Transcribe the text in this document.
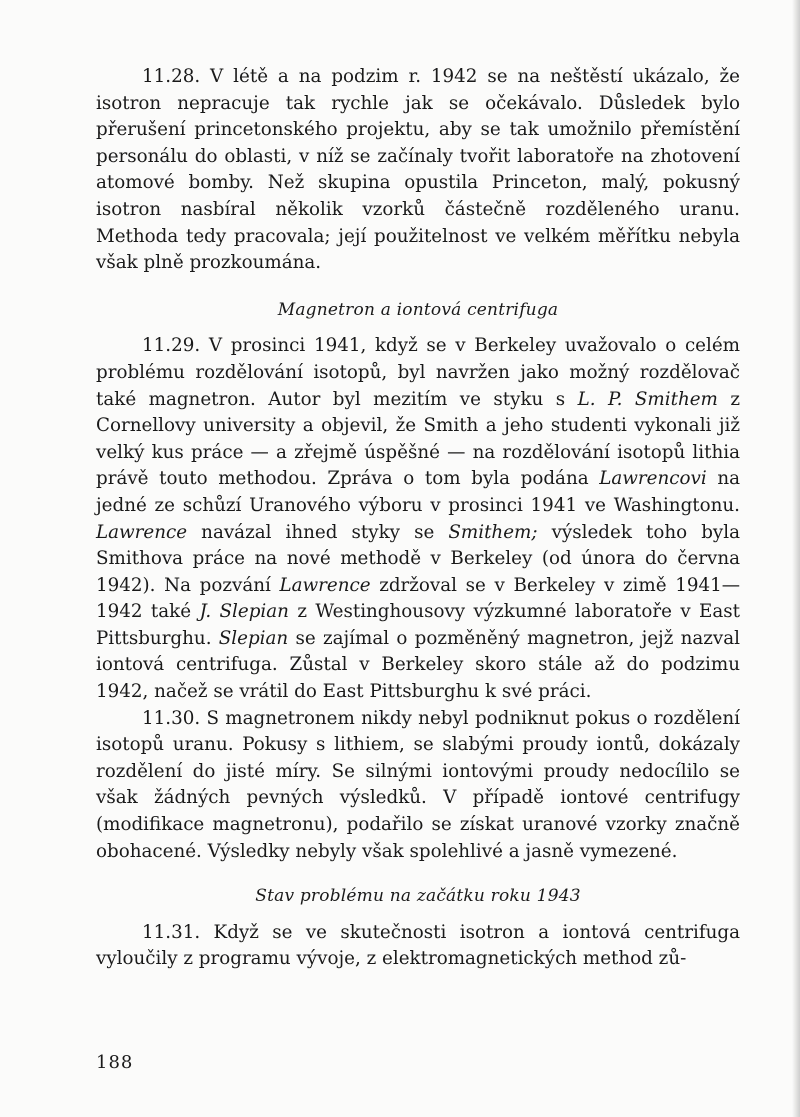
11.28. V létě a na podzim r. 1942 se na neštěstí ukázalo, že isotron nepracuje tak rychle jak se očekávalo. Důsledek bylo přerušení princetonského projektu, aby se tak umožnilo přemístění personálu do oblasti, v níž se začínaly tvořit laboratoře na zhotovení atomové bomby. Než skupina opustila Princeton, malý, pokusný isotron nasbíral několik vzorků částečně rozděleného uranu. Methoda tedy pracovala; její použitelnost ve velkém měřítku nebyla však plně prozkoumána.

Magnetron a iontová centrifuga

11.29. V prosinci 1941, když se v Berkeley uvažovalo o celém problému rozdělování isotopů, byl navržen jako možný rozdělovač také magnetron. Autor byl mezitím ve styku s L. P. Smithem z Cornellovy university a objevil, že Smith a jeho studenti vykonali již velký kus práce — a zřejmě úspěšné — na rozdělování isotopů lithia právě touto methodou. Zpráva o tom byla podána Lawrencovi na jedné ze schůzí Uranového výboru v prosinci 1941 ve Washingtonu. Lawrence navázal ihned styky se Smithem; výsledek toho byla Smithova práce na nové methodě v Berkeley (od února do června 1942). Na pozvání Lawrence zdržoval se v Berkeley v zimě 1941—1942 také J. Slepian z Westinghousovy výzkumné laboratoře v East Pittsburghu. Slepian se zajímal o pozměněný magnetron, jejž nazval iontová centrifuga. Zůstal v Berkeley skoro stále až do podzimu 1942, načež se vrátil do East Pittsburghu k své práci.

11.30. S magnetronem nikdy nebyl podniknut pokus o rozdělení isotopů uranu. Pokusy s lithiem, se slabými proudy iontů, dokázaly rozdělení do jisté míry. Se silnými iontovými proudy nedocílilo se však žádných pevných výsledků. V případě iontové centrifugy (modifikace magnetronu), podařilo se získat uranové vzorky značně obohacené. Výsledky nebyly však spolehlivé a jasně vymezené.

Stav problému na začátku roku 1943

11.31. Když se ve skutečnosti isotron a iontová centrifuga vyloučily z programu vývoje, z elektromagnetických method zů-

188
